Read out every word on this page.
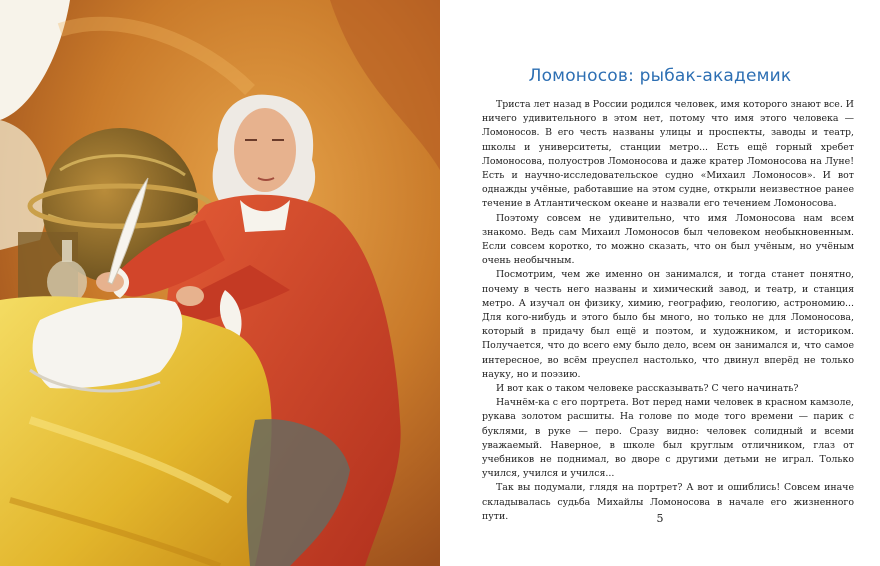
Ломоносов: рыбак-академик

Триста лет назад в России родился человек, имя которого знают все. И ничего удивительного в этом нет, потому что имя этого человека — Ломоносов. В его честь названы улицы и проспекты, заводы и театр, школы и университеты, станции метро... Есть ещё горный хребет Ломоносова, полуостров Ломоносова и даже кратер Ломоносова на Луне! Есть и научно-исследовательское судно «Михаил Ломоносов». И вот однажды учёные, работавшие на этом судне, открыли неизвестное ранее течение в Атлантическом океане и назвали его течением Ломоносова.

Поэтому совсем не удивительно, что имя Ломоносова нам всем знакомо. Ведь сам Михаил Ломоносов был человеком необыкновенным. Если совсем коротко, то можно сказать, что он был учёным, но учёным очень необычным.

Посмотрим, чем же именно он занимался, и тогда станет понятно, почему в честь него названы и химический завод, и театр, и станция метро. А изучал он физику, химию, географию, геологию, астрономию... Для кого-нибудь и этого было бы много, но только не для Ломоносова, который в придачу был ещё и поэтом, и художником, и историком. Получается, что до всего ему было дело, всем он занимался и, что самое интересное, во всём преуспел настолько, что двинул вперёд не только науку, но и поэзию.

И вот как о таком человеке рассказывать? С чего начинать?

Начнём-ка с его портрета. Вот перед нами человек в красном камзоле, рукава золотом расшиты. На голове по моде того времени — парик с буклями, в руке — перо. Сразу видно: человек солидный и всеми уважаемый. Наверное, в школе был круглым отличником, глаз от учебников не поднимал, во дворе с другими детьми не играл. Только учился, учился и учился...

Так вы подумали, глядя на портрет? А вот и ошиблись! Совсем иначе складывалась судьба Михайлы Ломоносова в начале его жизненного пути.	5
